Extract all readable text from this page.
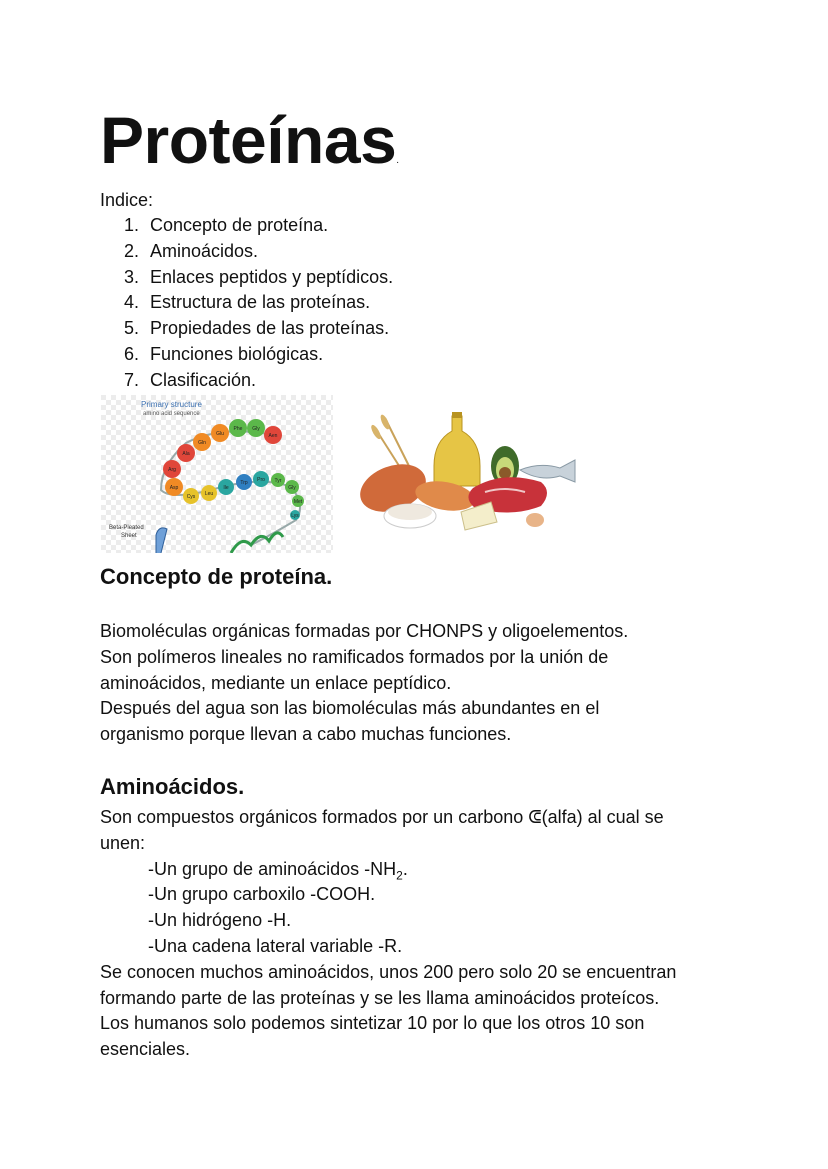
Proteínas.
Indice:
1. Concepto de proteína.
2. Aminoácidos.
3. Enlaces peptidos y peptídicos.
4. Estructura de las proteínas.
5. Propiedades de las proteínas.
6. Funciones biológicas.
7. Clasificación.
Primary structure
amino acid sequence
Aen
Gly
Phe
Glu
Gln
Ala
Arg
Asp
Cys Leu
Ile
Trp Pro Tyr
Gly
Met
Lys
Beta-Pleated
Sheet
Concepto de proteína.
Biomoléculas orgánicas formadas por CHONPS y oligoelementos.
Son polímeros lineales no ramificados formados por la unión de
aminoácidos, mediante un enlace peptídico.
Después del agua son las biomoléculas más abundantes en el
organismo porque llevan a cabo muchas funciones.
Aminoácidos.
Son compuestos orgánicos formados por un carbono ᕳ(alfa) al cual se
unen:
-Un grupo de aminoácidos $-NH_2$.
-Un grupo carboxilo -COOH.
-Un hidrógeno -H.
-Una cadena lateral variable -R.
Se conocen muchos aminoácidos, unos 200 pero solo 20 se encuentran
formando parte de las proteínas y se les llama aminoácidos proteícos.
Los humanos solo podemos sintetizar 10 por lo que los otros 10 son
esenciales.
